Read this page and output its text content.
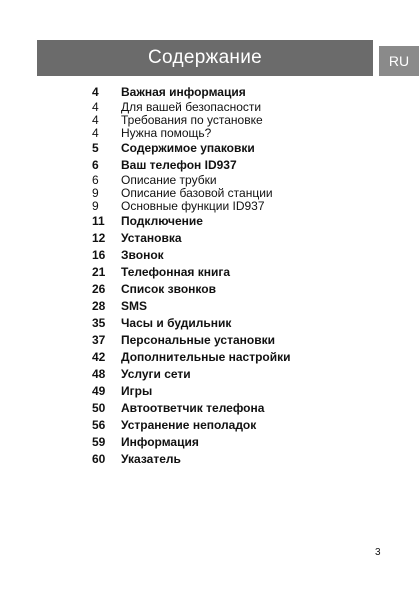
Содержание	RU
4	Важная информация
4	Для вашей безопасности
4	Требования по установке
4	Нужна помощь?
5	Содержимое упаковки
6	Ваш телефон ID937
6	Описание трубки
9	Описание базовой станции
9	Основные функции ID937
11	Подключение
12	Установка
16	Звонок
21	Телефонная книга
26	Список звонков
28	SMS
35	Часы и будильник
37	Персональные установки
42	Дополнительные настройки
48	Услуги сети
49	Игры
50	Автоответчик телефона
56	Устранение неполадок
59	Информация
60	Указатель
3
